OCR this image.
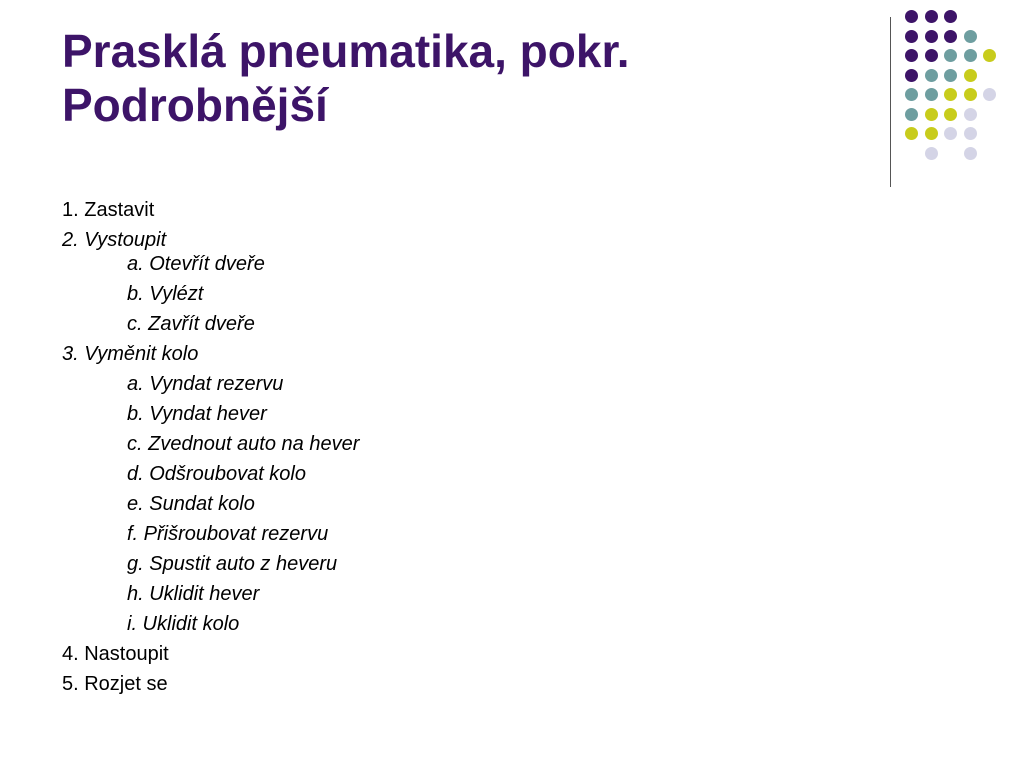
Prasklá pneumatika, pokr.
Podrobnější

1. Zastavit

2. Vystoupit

a. Otevřít dveře

b. Vylézt

c. Zavřít dveře

3. Vyměnit kolo

a. Vyndat rezervu

b. Vyndat hever

c. Zvednout auto na hever

d. Odšroubovat kolo

e. Sundat kolo

f. Přišroubovat rezervu

g. Spustit auto z heveru

h. Uklidit hever

i. Uklidit kolo

4. Nastoupit

5. Rozjet se
